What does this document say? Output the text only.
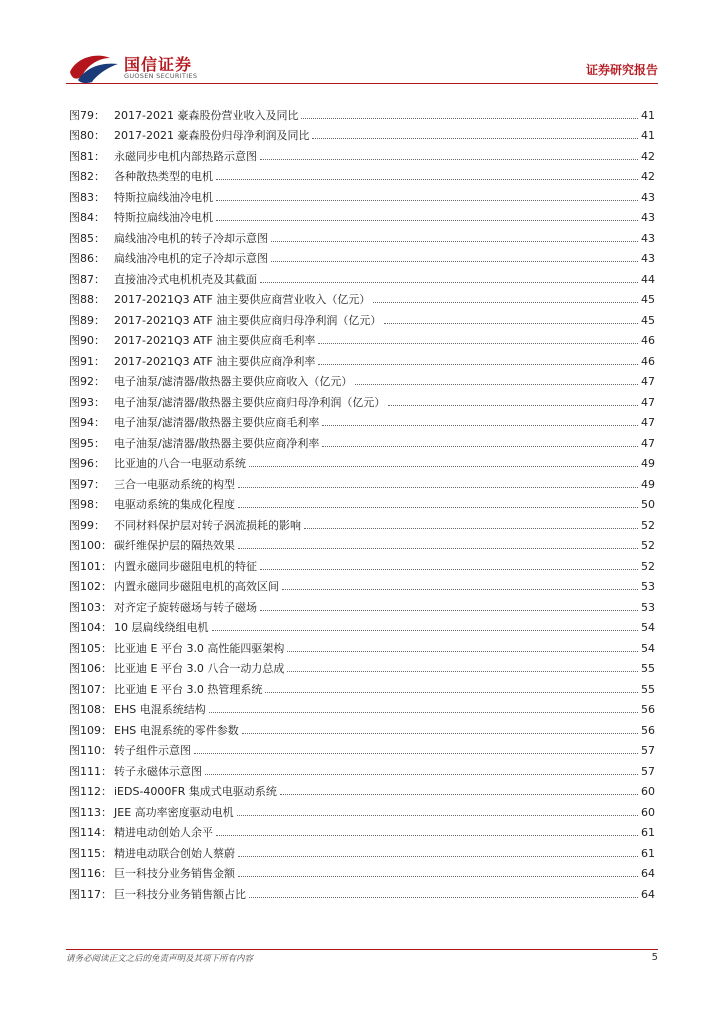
国信证券
GUOSEN SECURITIES	证券研究报告
图79： 2017-2021 豪森股份营业收入及同比	41
图80： 2017-2021 豪森股份归母净利润及同比	41
图81： 永磁同步电机内部热路示意图	42
图82： 各种散热类型的电机	42
图83： 特斯拉扁线油冷电机	43
图84： 特斯拉扁线油冷电机	43
图85： 扁线油冷电机的转子冷却示意图	43
图86： 扁线油冷电机的定子冷却示意图	43
图87： 直接油冷式电机机壳及其截面	44
图88： 2017-2021Q3 ATF 油主要供应商营业收入（亿元）	45
图89： 2017-2021Q3 ATF 油主要供应商归母净利润（亿元）	45
图90： 2017-2021Q3 ATF 油主要供应商毛利率	46
图91： 2017-2021Q3 ATF 油主要供应商净利率	46
图92： 电子油泵/滤清器/散热器主要供应商收入（亿元）	47
图93： 电子油泵/滤清器/散热器主要供应商归母净利润（亿元）	47
图94： 电子油泵/滤清器/散热器主要供应商毛利率	47
图95： 电子油泵/滤清器/散热器主要供应商净利率	47
图96： 比亚迪的八合一电驱动系统	49
图97： 三合一电驱动系统的构型	49
图98： 电驱动系统的集成化程度	50
图99： 不同材料保护层对转子涡流损耗的影响	52
图100： 碳纤维保护层的隔热效果	52
图101： 内置永磁同步磁阻电机的特征	52
图102： 内置永磁同步磁阻电机的高效区间	53
图103： 对齐定子旋转磁场与转子磁场	53
图104： 10 层扁线绕组电机	54
图105： 比亚迪 E 平台 3.0 高性能四驱架构	54
图106： 比亚迪 E 平台 3.0 八合一动力总成	55
图107： 比亚迪 E 平台 3.0 热管理系统	55
图108： EHS 电混系统结构	56
图109： EHS 电混系统的零件参数	56
图110： 转子组件示意图	57
图111： 转子永磁体示意图	57
图112： iEDS-4000FR 集成式电驱动系统	60
图113： JEE 高功率密度驱动电机	60
图114： 精进电动创始人余平	61
图115： 精进电动联合创始人蔡蔚	61
图116： 巨一科技分业务销售金额	64
图117： 巨一科技分业务销售额占比	64
请务必阅读正文之后的免责声明及其项下所有内容	5
